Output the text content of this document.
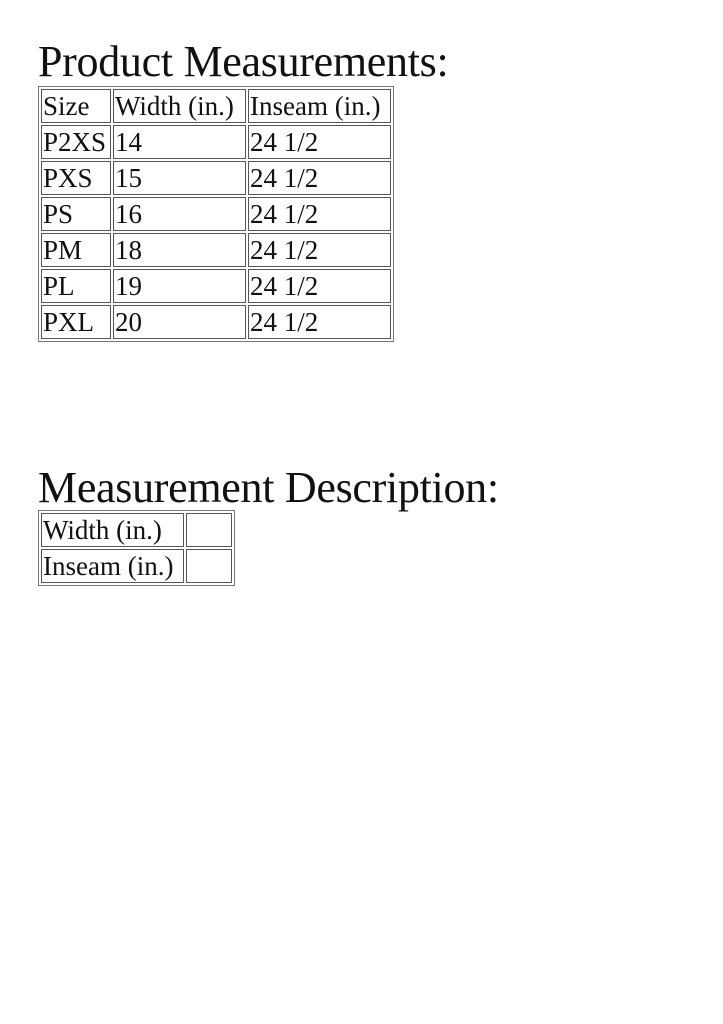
Product Measurements:
Size	Width (in.)	Inseam (in.)
P2XS	14	24 1/2
PXS	15	24 1/2
PS	16	24 1/2
PM	18	24 1/2
PL	19	24 1/2
PXL	20	24 1/2
Measurement Description:
Width (in.)	
Inseam (in.)	
